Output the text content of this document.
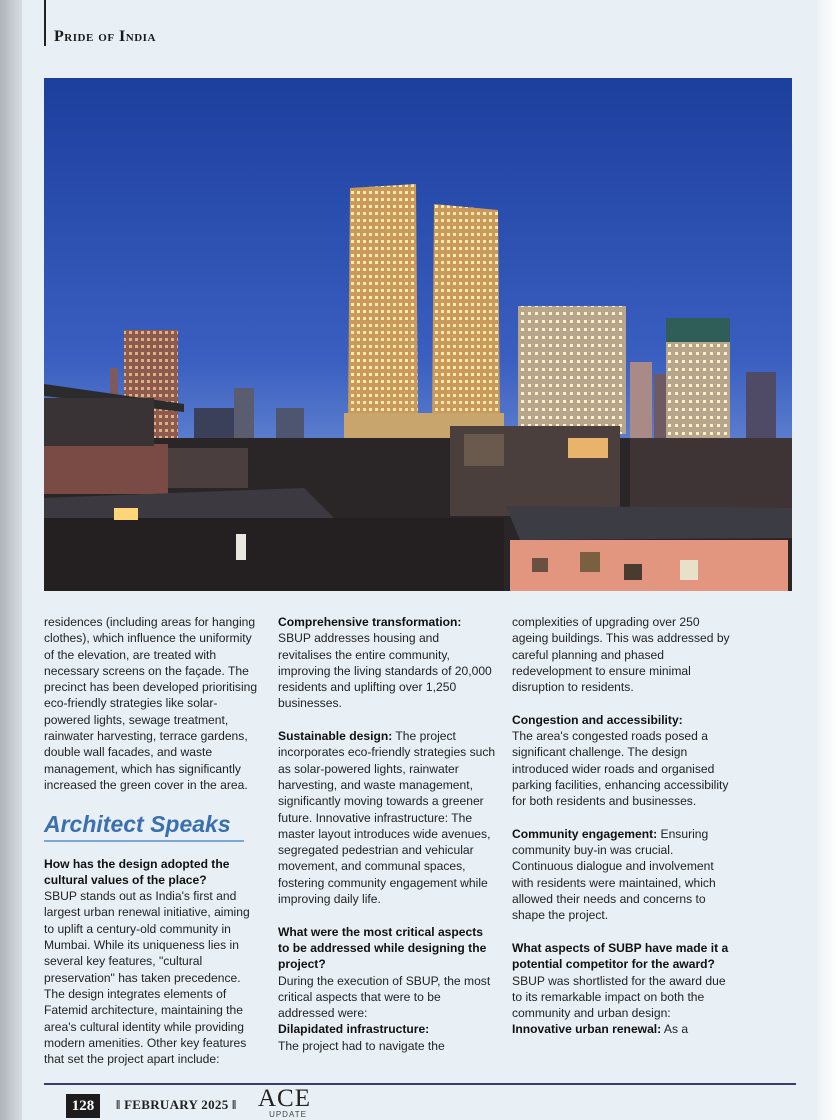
Pride of India

residences (including areas for hanging clothes), which influence the uniformity of the elevation, are treated with necessary screens on the façade. The precinct has been developed prioritising eco-friendly strategies like solar-powered lights, sewage treatment, rainwater harvesting, terrace gardens, double wall facades, and waste management, which has significantly increased the green cover in the area.

Architect Speaks

How has the design adopted the cultural values of the place?
SBUP stands out as India's first and largest urban renewal initiative, aiming to uplift a century-old community in Mumbai. While its uniqueness lies in several key features, "cultural preservation" has taken precedence. The design integrates elements of Fatemid architecture, maintaining the area's cultural identity while providing modern amenities. Other key features that set the project apart include:

Comprehensive transformation: SBUP addresses housing and revitalises the entire community, improving the living standards of 20,000 residents and uplifting over 1,250 businesses.

Sustainable design: The project incorporates eco-friendly strategies such as solar-powered lights, rainwater harvesting, and waste management, significantly moving towards a greener future. Innovative infrastructure: The master layout introduces wide avenues, segregated pedestrian and vehicular movement, and communal spaces, fostering community engagement while improving daily life.

What were the most critical aspects to be addressed while designing the project?
During the execution of SBUP, the most critical aspects that were to be addressed were:

Dilapidated infrastructure:
The project had to navigate the

complexities of upgrading over 250 ageing buildings. This was addressed by careful planning and phased redevelopment to ensure minimal disruption to residents.

Congestion and accessibility:
The area's congested roads posed a significant challenge. The design introduced wider roads and organised parking facilities, enhancing accessibility for both residents and businesses.

Community engagement: Ensuring community buy-in was crucial. Continuous dialogue and involvement with residents were maintained, which allowed their needs and concerns to shape the project.

What aspects of SUBP have made it a potential competitor for the award?
SBUP was shortlisted for the award due to its remarkable impact on both the community and urban design:

Innovative urban renewal: As a
128	‖ FEBRUARY 2025 ‖ ACE
UPDATE
